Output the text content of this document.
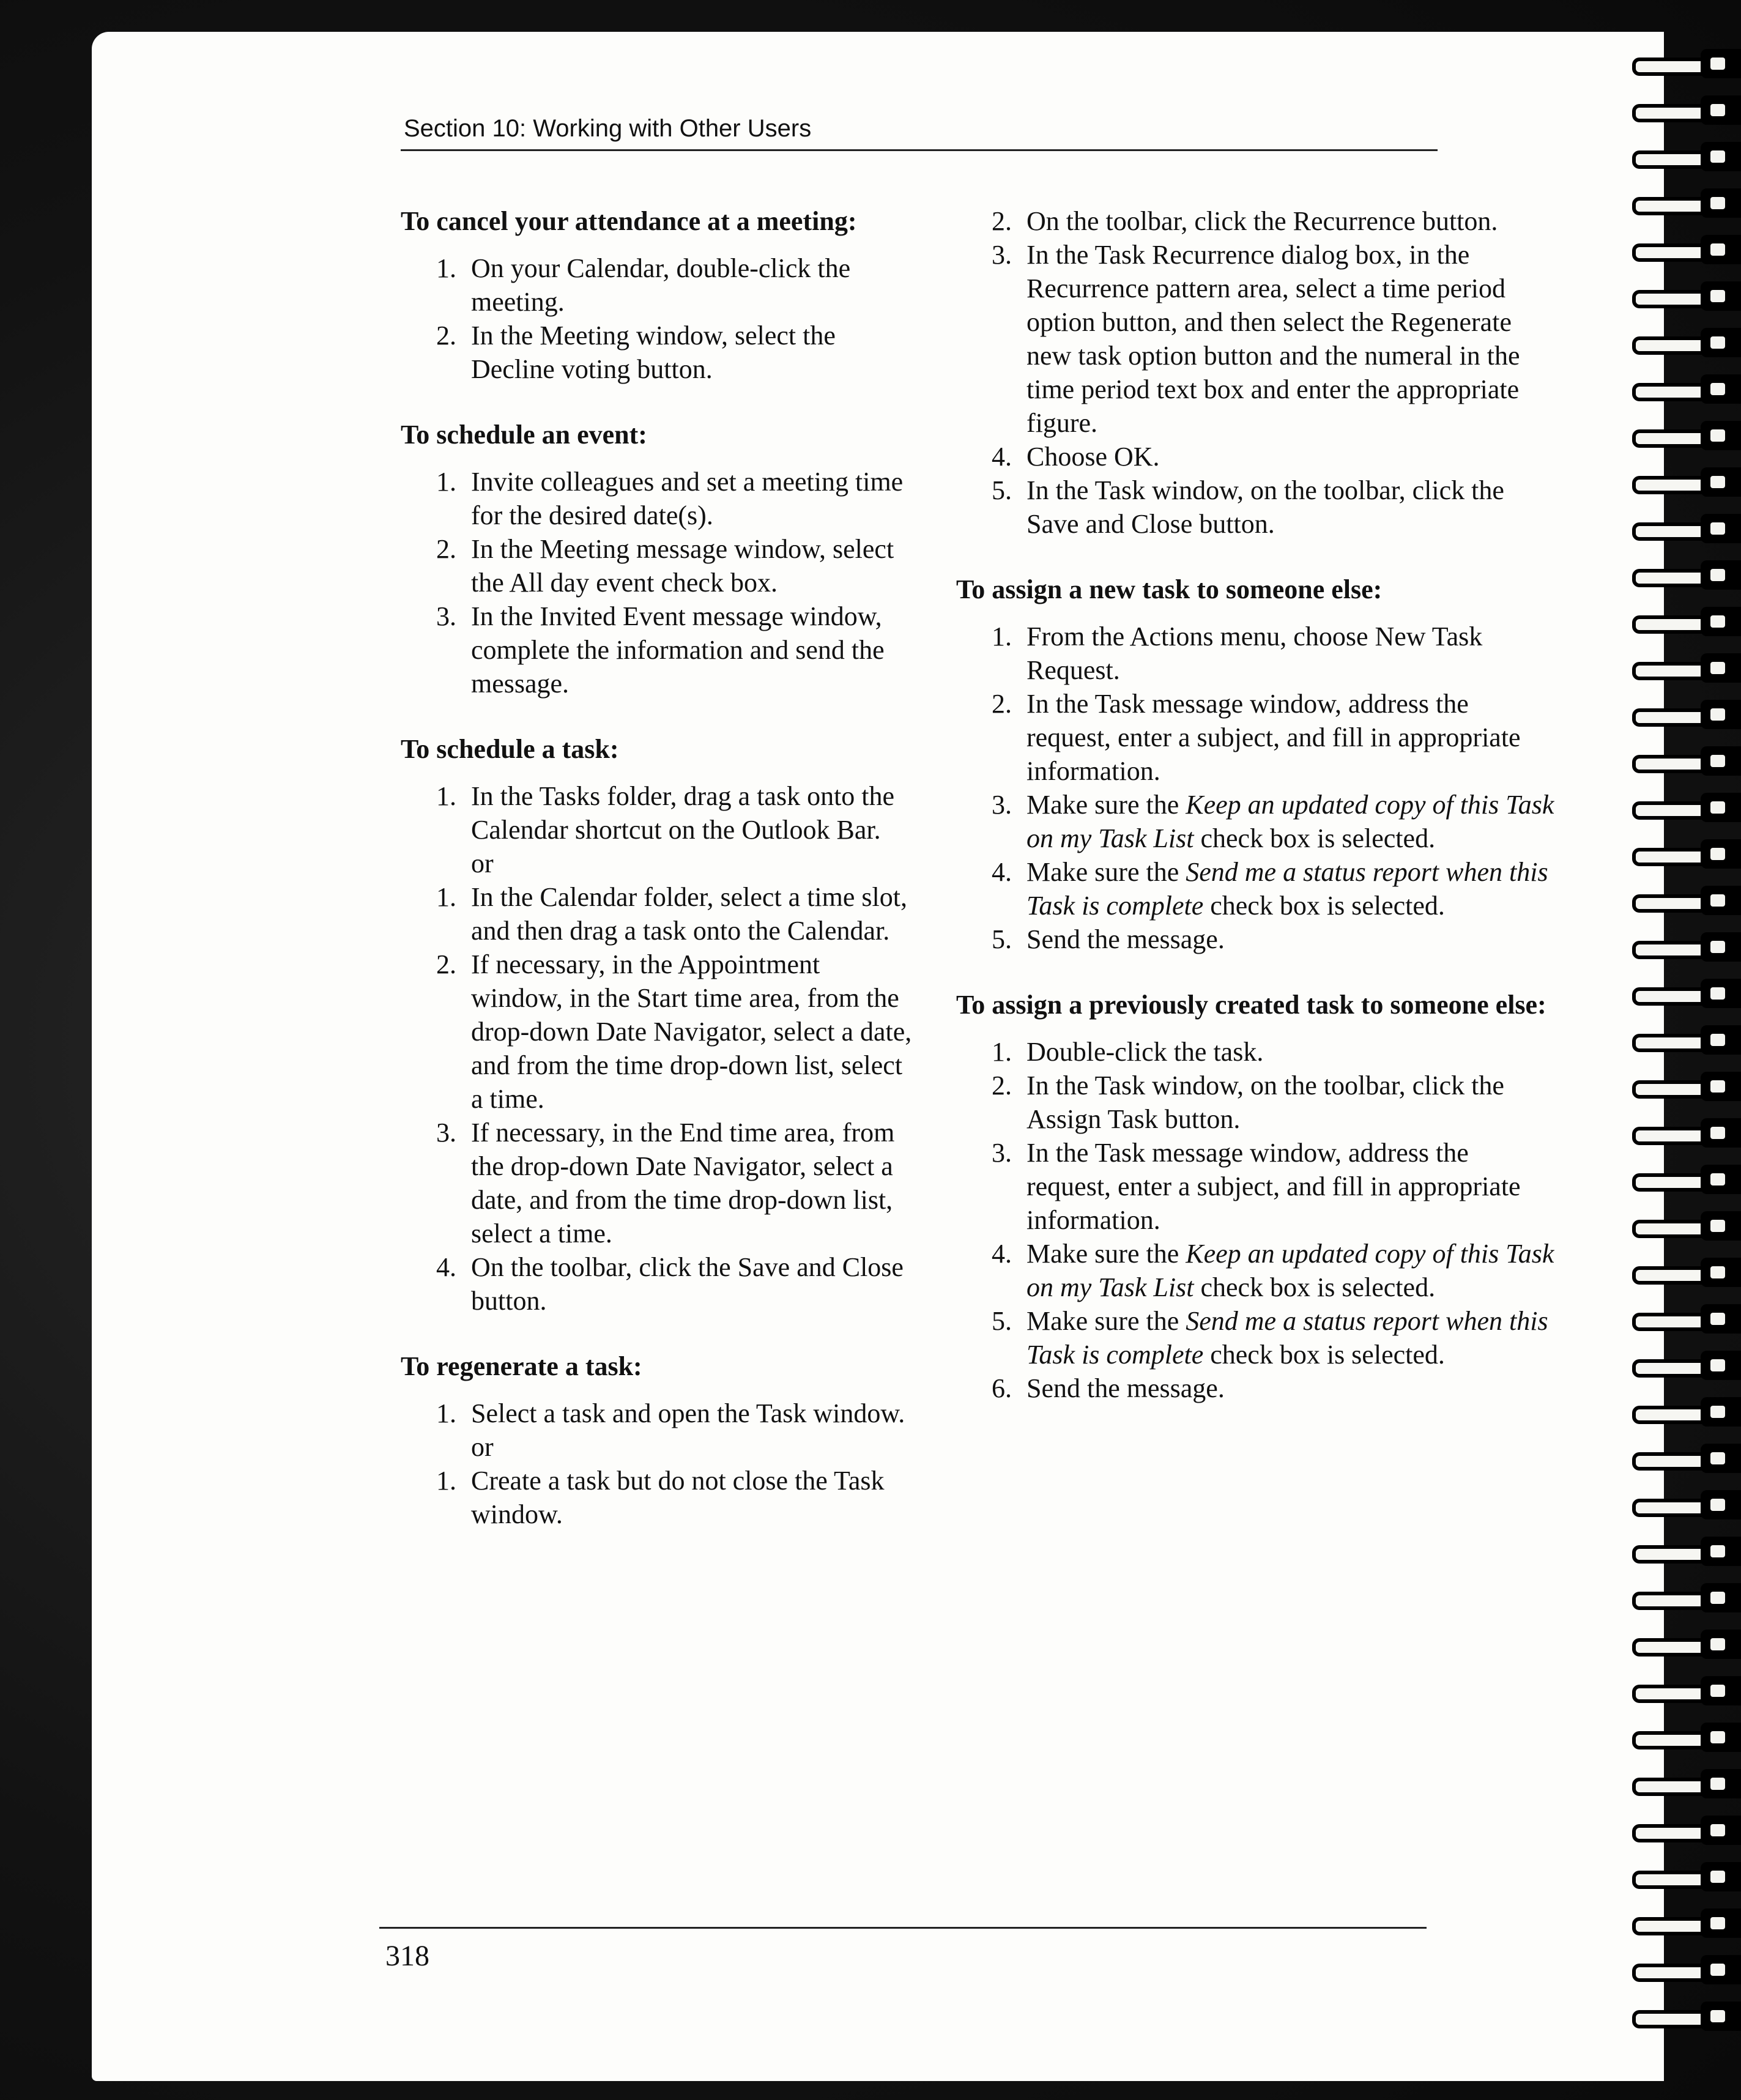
Section 10: Working with Other Users
To cancel your attendance at a meeting:
1. On your Calendar, double-click the meeting.
2. In the Meeting window, select the Decline voting button.
To schedule an event:
1. Invite colleagues and set a meeting time for the desired date(s).
2. In the Meeting message window, select the All day event check box.
3. In the Invited Event message window, complete the information and send the message.
To schedule a task:
1. In the Tasks folder, drag a task onto the Calendar shortcut on the Outlook Bar.
or
1. In the Calendar folder, select a time slot, and then drag a task onto the Calendar.
2. If necessary, in the Appointment window, in the Start time area, from the drop-down Date Navigator, select a date, and from the time drop-down list, select a time.
3. If necessary, in the End time area, from the drop-down Date Navigator, select a date, and from the time drop-down list, select a time.
4. On the toolbar, click the Save and Close button.
To regenerate a task:
1. Select a task and open the Task window.
or
1. Create a task but do not close the Task window.
2. On the toolbar, click the Recurrence button.
3. In the Task Recurrence dialog box, in the Recurrence pattern area, select a time period option button, and then select the Regenerate new task option button and the numeral in the time period text box and enter the appropriate figure.
4. Choose OK.
5. In the Task window, on the toolbar, click the Save and Close button.
To assign a new task to someone else:
1. From the Actions menu, choose New Task Request.
2. In the Task message window, address the request, enter a subject, and fill in appropriate information.
3. Make sure the Keep an updated copy of this Task on my Task List check box is selected.
4. Make sure the Send me a status report when this Task is complete check box is selected.
5. Send the message.
To assign a previously created task to someone else:
1. Double-click the task.
2. In the Task window, on the toolbar, click the Assign Task button.
3. In the Task message window, address the request, enter a subject, and fill in appropriate information.
4. Make sure the Keep an updated copy of this Task on my Task List check box is selected.
5. Make sure the Send me a status report when this Task is complete check box is selected.
6. Send the message.
318
